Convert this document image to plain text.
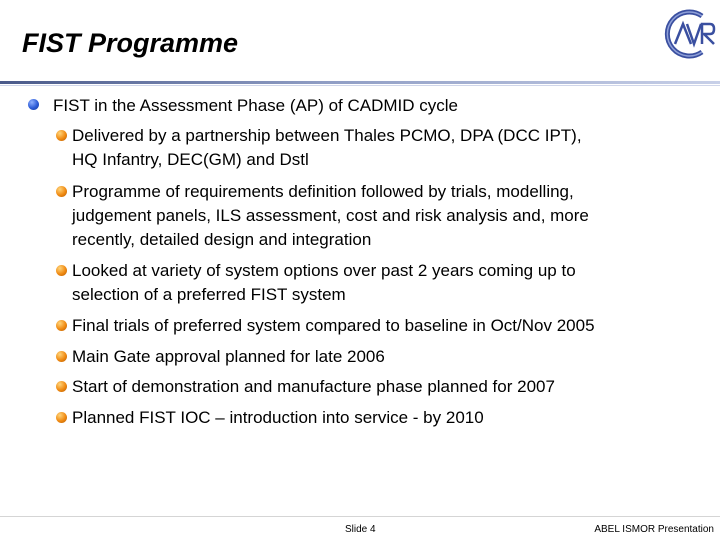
FIST Programme
FIST in the Assessment Phase (AP) of CADMID cycle
Delivered by a partnership between Thales PCMO, DPA (DCC IPT),
HQ Infantry, DEC(GM) and Dstl
Programme of requirements definition followed by trials, modelling,
judgement panels, ILS assessment, cost and risk analysis and, more
recently, detailed design and integration
Looked at variety of system options over past 2 years coming up to
selection of a preferred FIST system
Final trials of preferred system compared to baseline in Oct/Nov 2005
Main Gate approval planned for late 2006
Start of demonstration and manufacture phase planned for 2007
Planned FIST IOC – introduction into service - by 2010
Slide 4	ABEL ISMOR Presentation
